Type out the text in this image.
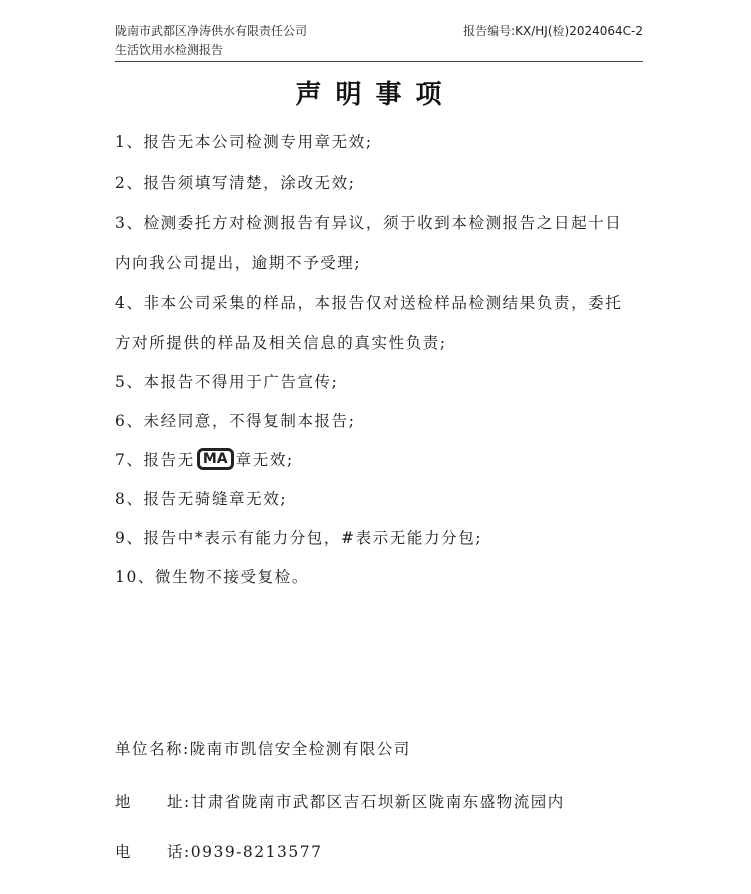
陇南市武都区净涛供水有限责任公司
生活饮用水检测报告
报告编号:KX/HJ(检)2024064C-2
声明事项
1、报告无本公司检测专用章无效;
2、报告须填写清楚，涂改无效;
3、检测委托方对检测报告有异议，须于收到本检测报告之日起十日
内向我公司提出，逾期不予受理;
4、非本公司采集的样品，本报告仅对送检样品检测结果负责，委托
方对所提供的样品及相关信息的真实性负责;
5、本报告不得用于广告宣传;
6、未经同意，不得复制本报告;
7、报告无 MA 章无效;
8、报告无骑缝章无效;
9、报告中*表示有能力分包，#表示无能力分包;
10、微生物不接受复检。
单位名称:陇南市凯信安全检测有限公司
地 址:甘肃省陇南市武都区吉石坝新区陇南东盛物流园内
电 话:0939-8213577
